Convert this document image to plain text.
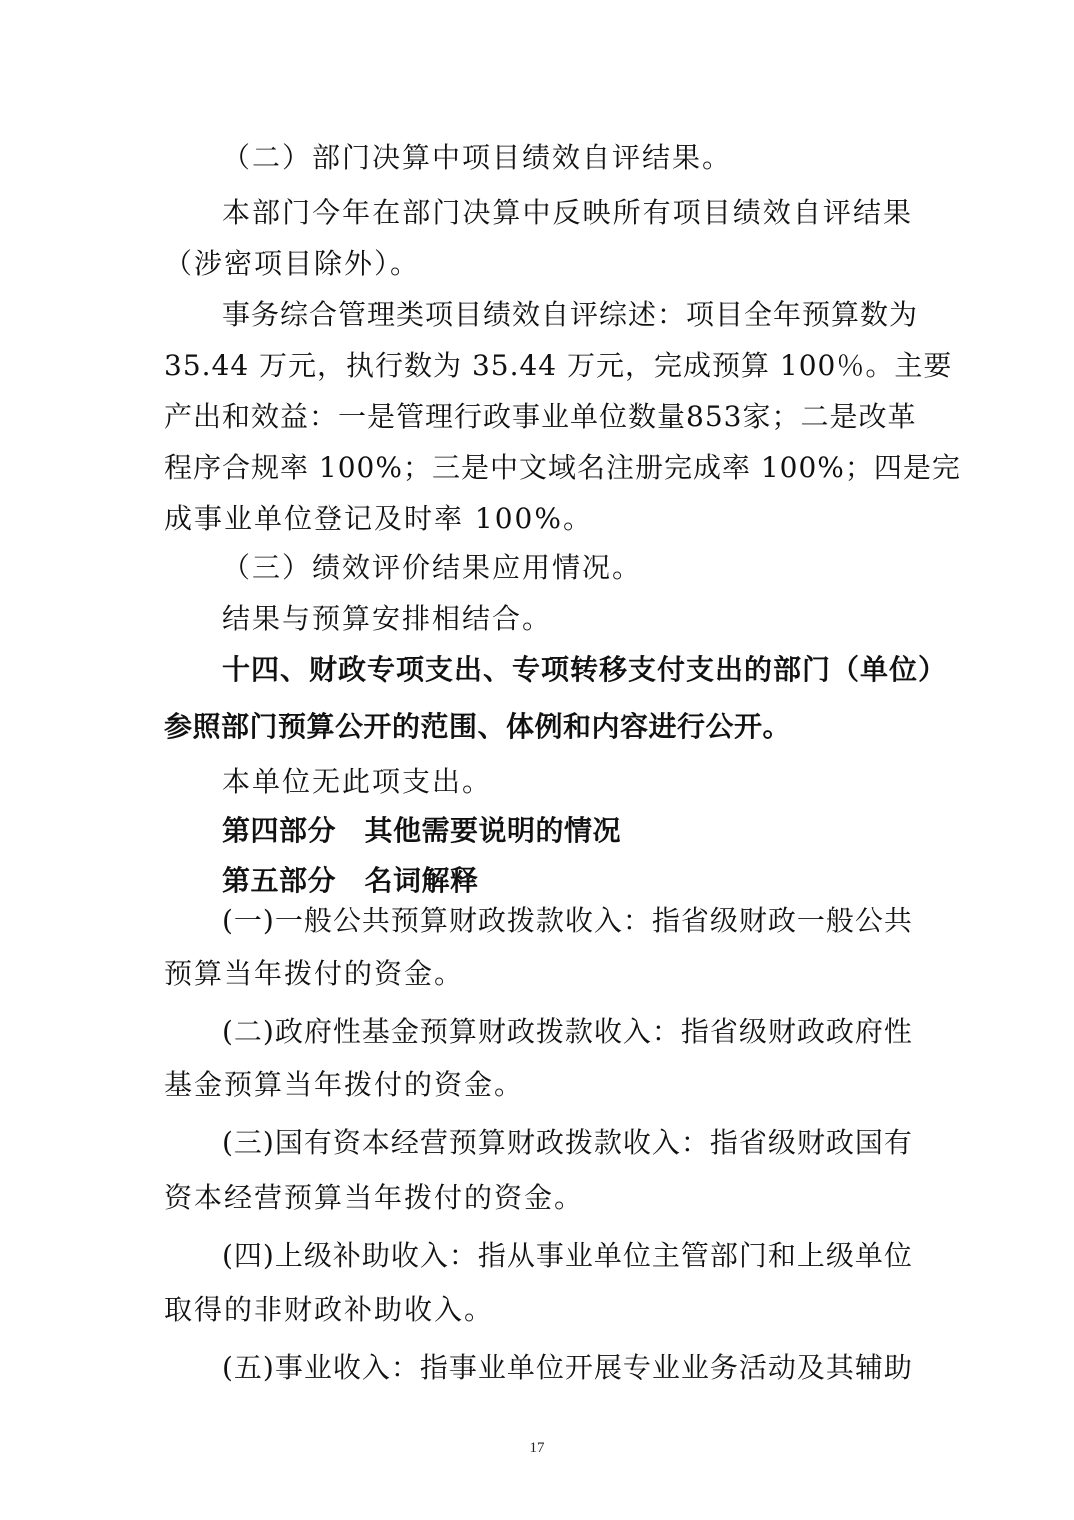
（二）部门决算中项目绩效自评结果。
本部门今年在部门决算中反映所有项目绩效自评结果
（涉密项目除外）。
事务综合管理类项目绩效自评综述：项目全年预算数为
35.44 万元，执行数为 35.44 万元，完成预算 100％。主要
产出和效益：一是管理行政事业单位数量853家；二是改革
程序合规率 100%；三是中文域名注册完成率 100%；四是完
成事业单位登记及时率 100%。
（三）绩效评价结果应用情况。
结果与预算安排相结合。
十四、财政专项支出、专项转移支付支出的部门（单位）
参照部门预算公开的范围、体例和内容进行公开。
本单位无此项支出。
第四部分　其他需要说明的情况
第五部分　名词解释
(一)一般公共预算财政拨款收入：指省级财政一般公共
预算当年拨付的资金。
(二)政府性基金预算财政拨款收入：指省级财政政府性
基金预算当年拨付的资金。
(三)国有资本经营预算财政拨款收入：指省级财政国有
资本经营预算当年拨付的资金。
(四)上级补助收入：指从事业单位主管部门和上级单位
取得的非财政补助收入。
(五)事业收入：指事业单位开展专业业务活动及其辅助
17
